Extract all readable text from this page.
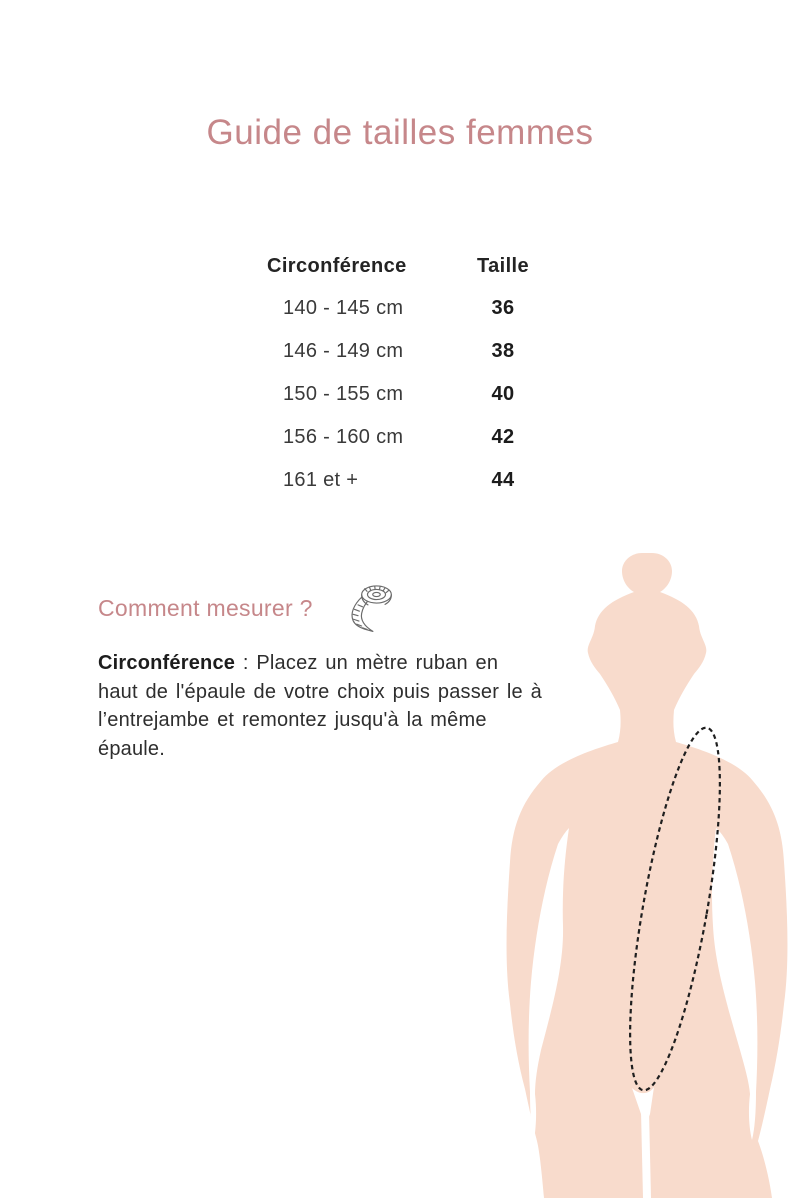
Guide de tailles femmes
Circonférence	Taille
140 - 145 cm	36
146 - 149 cm	38
150 - 155 cm	40
156 - 160 cm	42
161 et +	44
Comment mesurer ?

Circonférence : Placez un mètre ruban en
haut de l'épaule de votre choix puis passer le à
l’entrejambe et remontez jusqu'à la même
épaule.
